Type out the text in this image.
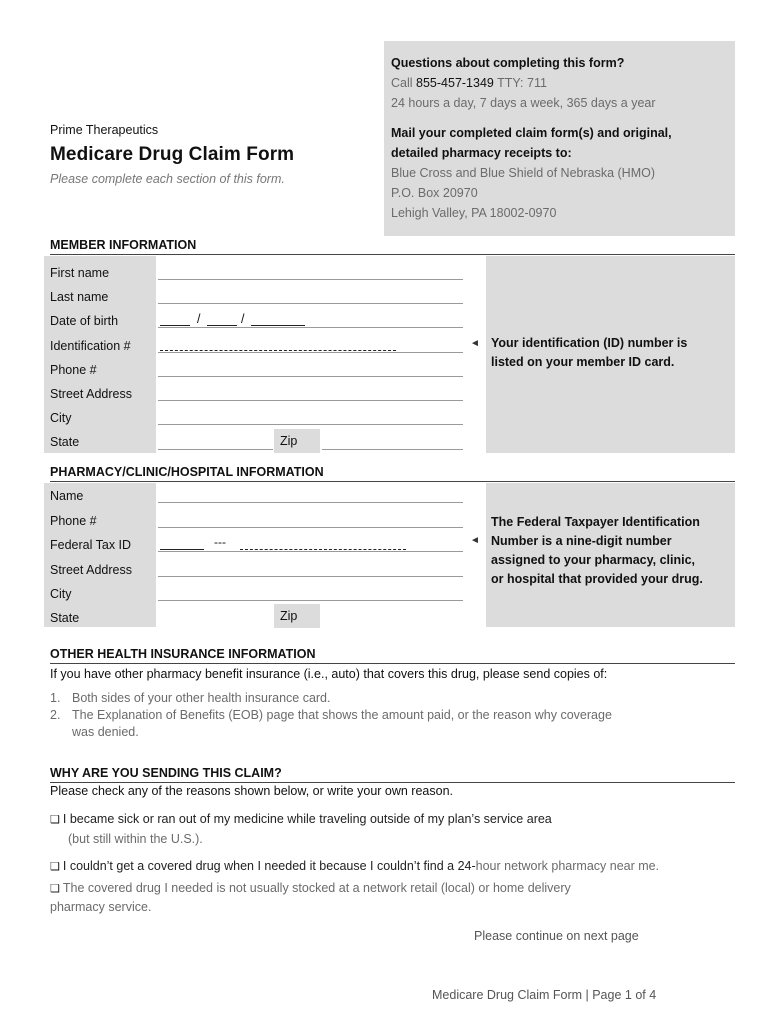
Questions about completing this form?
Call 855-457-1349 TTY: 711
24 hours a day, 7 days a week, 365 days a year
Mail your completed claim form(s) and original,
detailed pharmacy receipts to:
Blue Cross and Blue Shield of Nebraska (HMO)
P.O. Box 20970
Lehigh Valley, PA 18002-0970
Prime Therapeutics
Medicare Drug Claim Form
Please complete each section of this form.
MEMBER INFORMATION
First name
Last name
Date of birth	/	/
Identification #	◄
Phone #
Street Address
City
State	Zip
Your identification (ID) number is
listed on your member ID card.
PHARMACY/CLINIC/HOSPITAL INFORMATION
Name
Phone #
Federal Tax ID	---	◄
Street Address
City
State	Zip
The Federal Taxpayer Identification
Number is a nine-digit number
assigned to your pharmacy, clinic,
or hospital that provided your drug.
OTHER HEALTH INSURANCE INFORMATION
If you have other pharmacy benefit insurance (i.e., auto) that covers this drug, please send copies of:
1. Both sides of your other health insurance card.
2. The Explanation of Benefits (EOB) page that shows the amount paid, or the reason why coverage
was denied.
WHY ARE YOU SENDING THIS CLAIM?
Please check any of the reasons shown below, or write your own reason.
❑ I became sick or ran out of my medicine while traveling outside of my plan’s service area
(but still within the U.S.).
❑ I couldn’t get a covered drug when I needed it because I couldn’t find a 24-hour network pharmacy near me.
❑ The covered drug I needed is not usually stocked at a network retail (local) or home delivery
pharmacy service.
Please continue on next page
Medicare Drug Claim Form | Page 1 of 4
